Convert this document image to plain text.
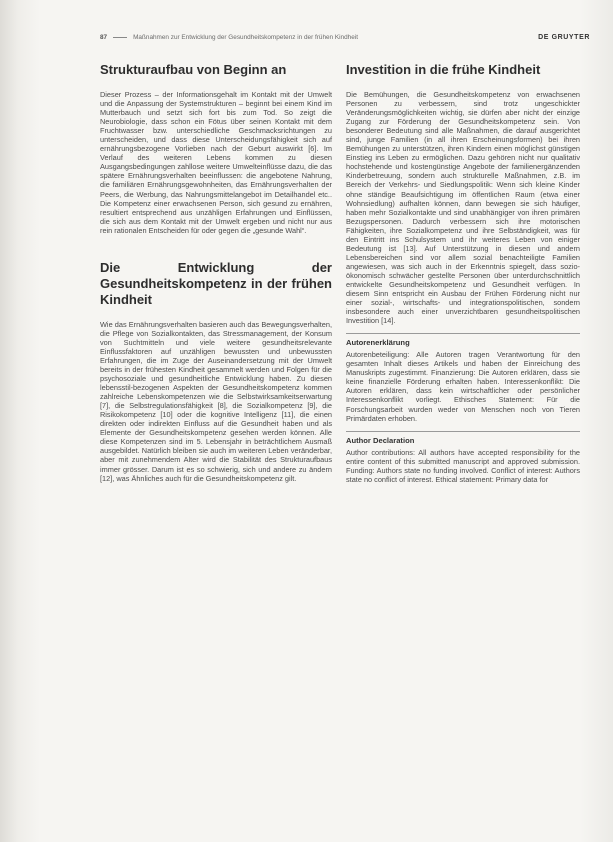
87	Maßnahmen zur Entwicklung der Gesundheitskompetenz in der frühen Kindheit	DE GRUYTER
Strukturaufbau von Beginn an

Dieser Prozess – der Informationsgehalt im Kontakt mit der Umwelt und die Anpassung der Systemstrukturen – beginnt bei einem Kind im Mutterbauch und setzt sich fort bis zum Tod. So zeigt die Neurobiologie, dass schon ein Fötus über seinen Kontakt mit dem Fruchtwasser bzw. unterschiedliche Geschmacksrichtungen zu unterscheiden, und dass diese Unterscheidungsfähigkeit sich auf ernährungsbezogene Vorlieben nach der Geburt auswirkt [6]. Im Verlauf des weiteren Lebens kommen zu diesen Ausgangsbedingungen zahllose weitere Umwelteinflüsse dazu, die das spätere Ernährungsverhalten beeinflussen: die angebotene Nahrung, die familiären Ernährungsgewohnheiten, das Ernährungsverhalten der Peers, die Werbung, das Nahrungsmittelangebot im Detailhandel etc.. Die Kompetenz einer erwachsenen Person, sich gesund zu ernähren, resultiert entsprechend aus unzähligen Erfahrungen und Einflüssen, die sich aus dem Kontakt mit der Umwelt ergeben und nicht nur aus rein rationalen Entscheiden für oder gegen die „gesunde Wahl“.

Die Entwicklung der Gesundheitskompetenz in der frühen Kindheit

Wie das Ernährungsverhalten basieren auch das Bewegungsverhalten, die Pflege von Sozialkontakten, das Stressmanagement, der Konsum von Suchtmitteln und viele weitere gesundheitsrelevante Einflussfaktoren auf unzähligen bewussten und unbewussten Erfahrungen, die im Zuge der Auseinandersetzung mit der Umwelt bereits in der frühesten Kindheit gesammelt werden und Folgen für die psychosoziale und gesundheitliche Entwicklung haben. Zu diesen lebensstil-bezogenen Aspekten der Gesundheitskompetenz kommen zahlreiche Lebenskompetenzen wie die Selbstwirksamkeitserwartung [7], die Selbstregulationsfähigkeit [8], die Sozialkompetenz [9], die Risikokompetenz [10] oder die kognitive Intelligenz [11], die einen direkten oder indirekten Einfluss auf die Gesundheit haben und als Elemente der Gesundheitskompetenz gesehen werden können. Alle diese Kompetenzen sind im 5. Lebensjahr in beträchtlichem Ausmaß ausgebildet. Natürlich bleiben sie auch im weiteren Leben veränderbar, aber mit zunehmendem Alter wird die Stabilität des Strukturaufbaus immer grösser. Darum ist es so schwierig, sich und andere zu ändern [12], was Ähnliches auch für die Gesundheitskompetenz gilt.

Investition in die frühe Kindheit

Die Bemühungen, die Gesundheitskompetenz von erwachsenen Personen zu verbessern, sind trotz ungeschickter Veränderungsmöglichkeiten wichtig, sie dürfen aber nicht der einzige Zugang zur Förderung der Gesundheitskompetenz sein. Von besonderer Bedeutung sind alle Maßnahmen, die darauf ausgerichtet sind, junge Familien (in all ihren Erscheinungsformen) bei ihren Bemühungen zu unterstützen, ihren Kindern einen möglichst günstigen Einstieg ins Leben zu ermöglichen. Dazu gehören nicht nur qualitativ hochstehende und kostengünstige Angebote der familienergänzenden Kinderbetreuung, sondern auch strukturelle Maßnahmen, z.B. im Bereich der Verkehrs- und Siedlungspolitik: Wenn sich kleine Kinder ohne ständige Beaufsichtigung im öffentlichen Raum (etwa einer Wohnsiedlung) aufhalten können, dann bewegen sie sich häufiger, haben mehr Sozialkontakte und sind unabhängiger von ihren primären Bezugspersonen. Dadurch verbessern sich ihre motorischen Fähigkeiten, ihre Sozialkompetenz und ihre Selbständigkeit, was für den Eintritt ins Schulsystem und ihr weiteres Leben von einiger Bedeutung ist [13]. Auf Unterstützung in diesen und andern Lebensbereichen sind vor allem sozial benachteiligte Familien angewiesen, was sich auch in der Erkenntnis spiegelt, dass sozio-ökonomisch schwächer gestellte Personen über unterdurchschnittlich entwickelte Gesundheitskompetenz und Gesundheit verfügen. In diesem Sinn entspricht ein Ausbau der Frühen Förderung nicht nur einer sozial-, wirtschafts- und integrationspolitischen, sondern insbesondere auch einer unverzichtbaren gesundheitspolitischen Investition [14].

Autorenerklärung

Autorenbeteiligung: Alle Autoren tragen Verantwortung für den gesamten Inhalt dieses Artikels und haben der Einreichung des Manuskripts zugestimmt. Finanzierung: Die Autoren erklären, dass sie keine finanzielle Förderung erhalten haben. Interessenkonflikt: Die Autoren erklären, dass kein wirtschaftlicher oder persönlicher Interessenkonflikt vorliegt. Ethisches Statement: Für die Forschungsarbeit wurden weder von Menschen noch von Tieren Primärdaten erhoben.

Author Declaration

Author contributions: All authors have accepted responsibility for the entire content of this submitted manuscript and approved submission. Funding: Authors state no funding involved. Conflict of interest: Authors state no conflict of interest. Ethical statement: Primary data for
